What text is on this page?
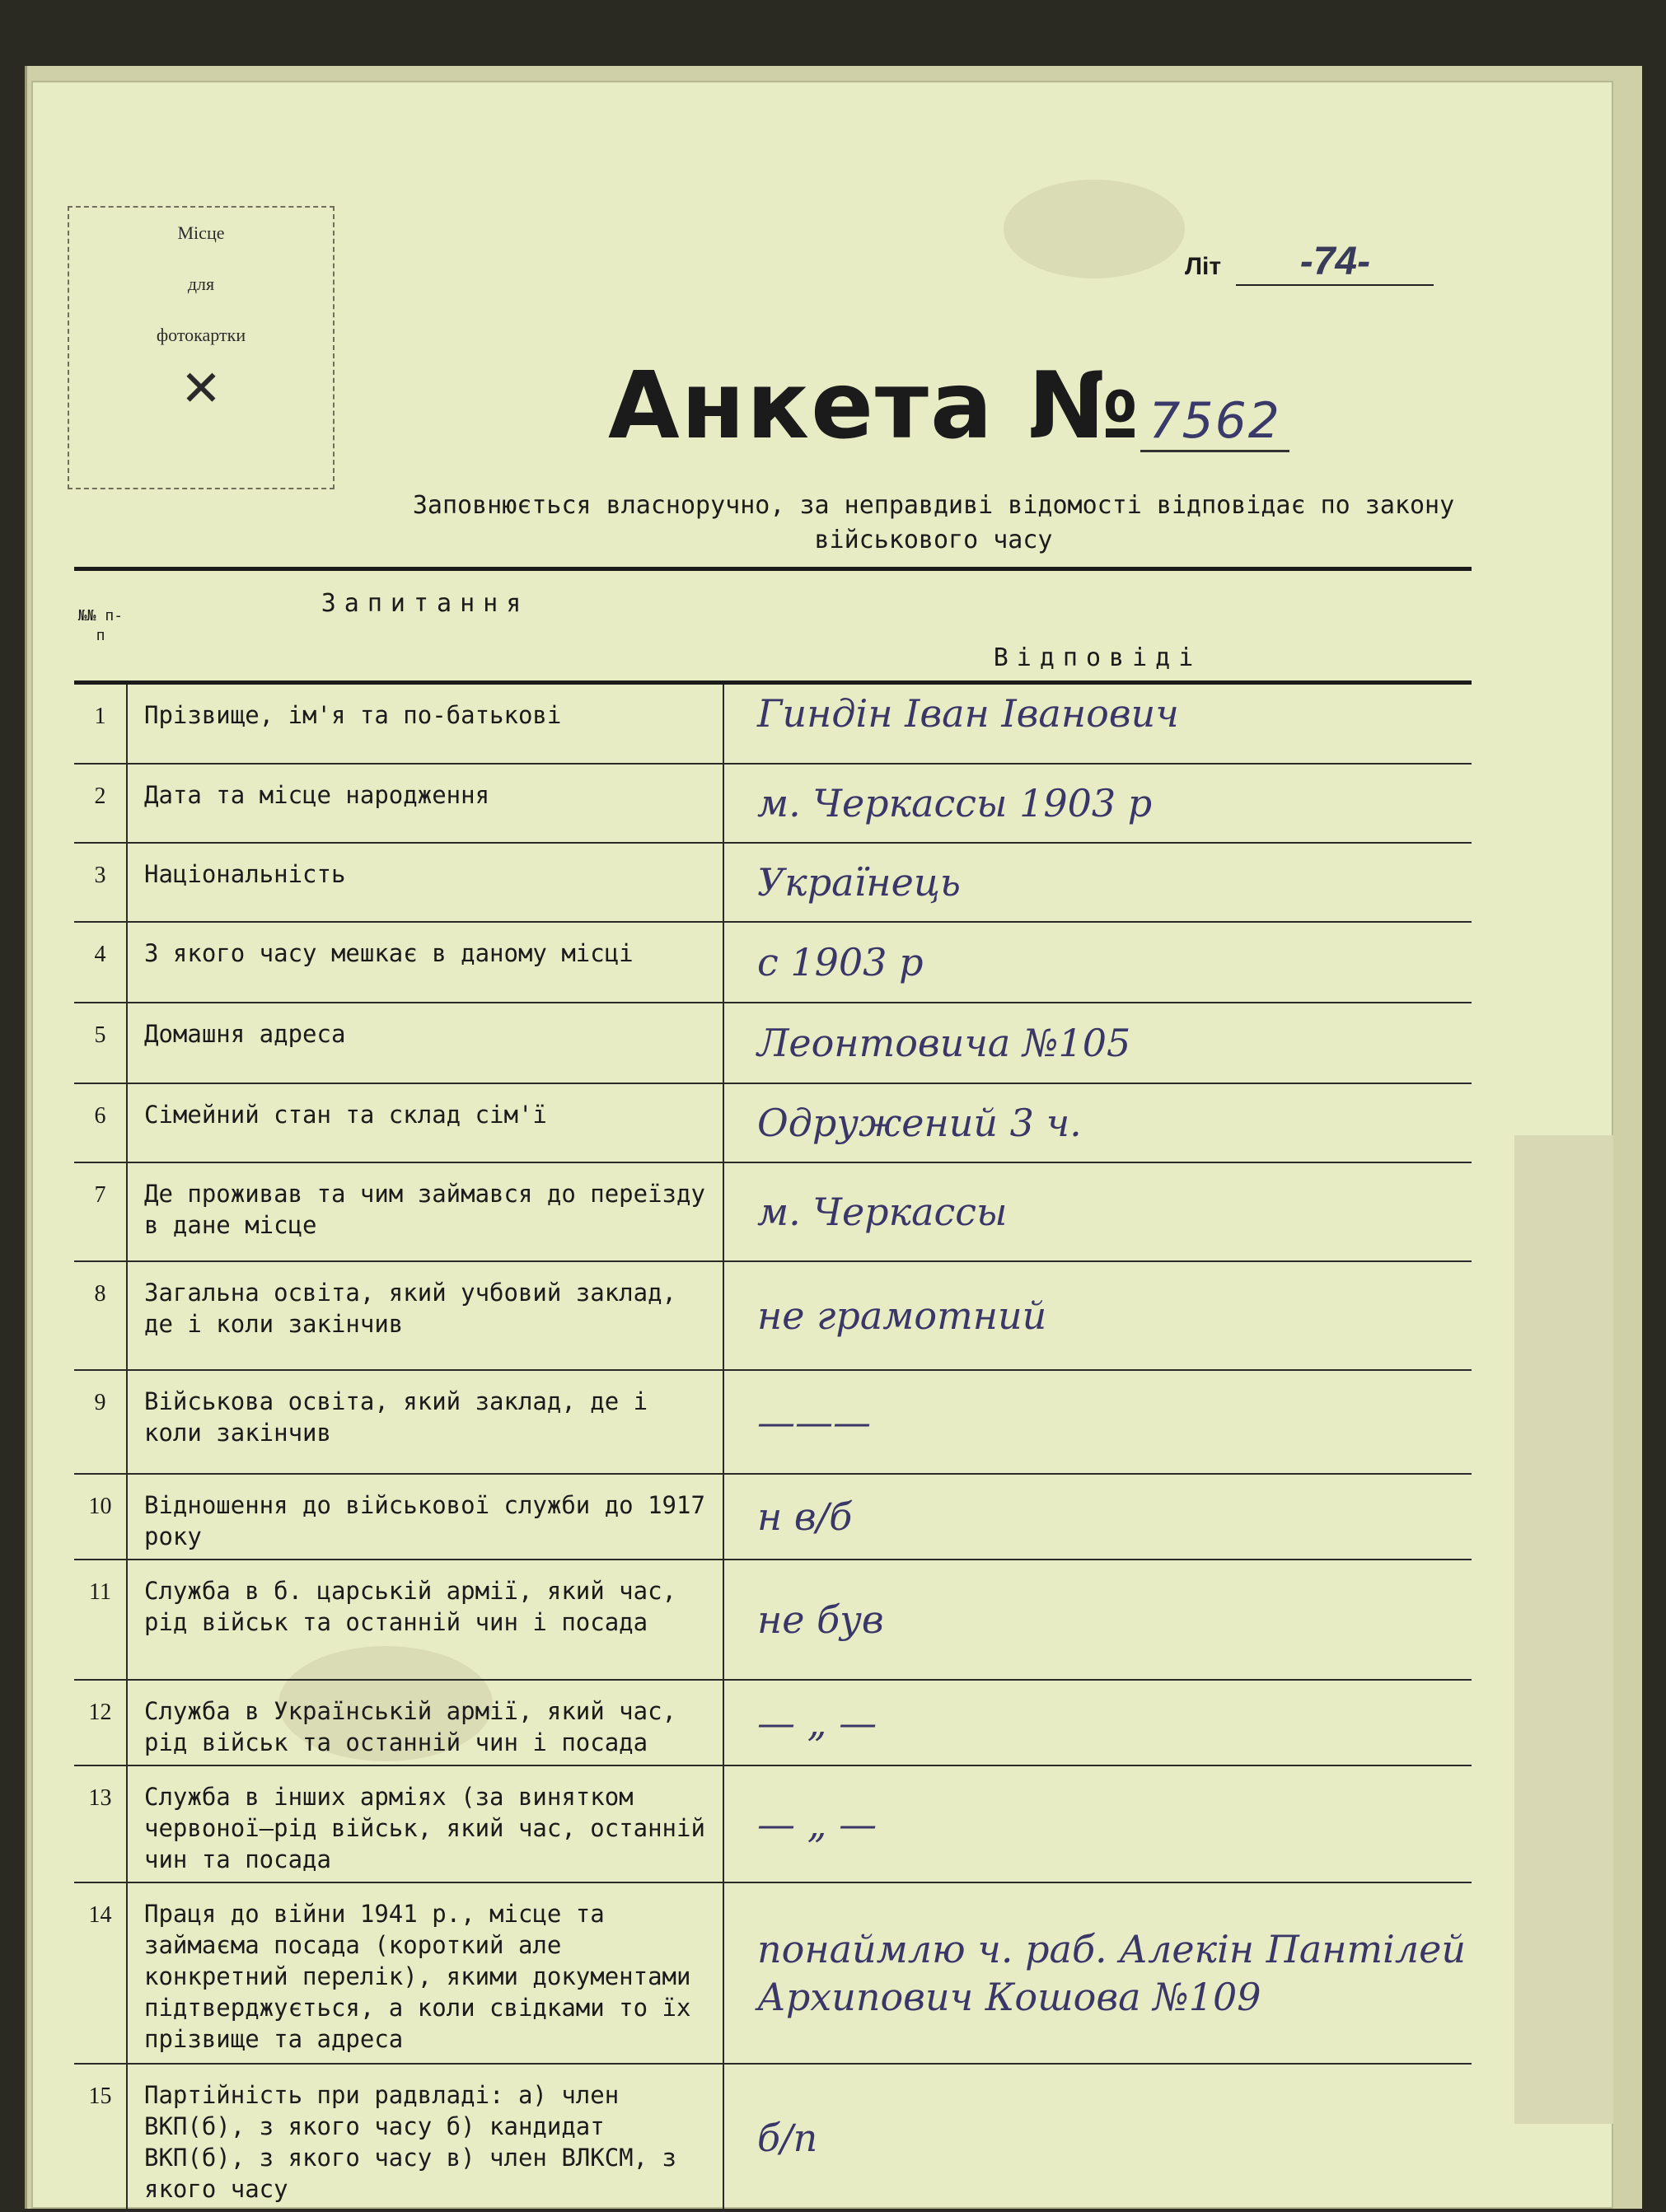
Місце
для
фотокартки
✕
Літ -74-
Анкета № 7562
Заповнюється власноручно, за неправдиві відомості відповідає по закону
військового часу
№№ п-п	Запитання	Відповіді
1	Прізвище, ім'я та по-батькові	Гиндін Іван Іванович
2	Дата та місце народження	м. Черкассы 1903 р
3	Національність	Українець
4	З якого часу мешкає в даному місці	с 1903 р
5	Домашня адреса	Леонтовича №105
6	Сімейний стан та склад сім'ї	Одружений 3 ч.
7	Де проживав та чим займався до переїзду в дане місце	м. Черкассы
8	Загальна освіта, який учбовий заклад, де і коли закінчив	не грамотний
9	Військова освіта, який заклад, де і коли закінчив	———
10	Відношення до військової служби до 1917 року	н в/б
11	Служба в б. царській армії, який час, рід військ та останній чин і посада	не був
12	Служба в Українській армії, який час, рід військ та останній чин і посада	— „ —
13	Служба в інших арміях (за винятком червоної—рід військ, який час, останній чин та посада	— „ —
14	Праця до війни 1941 р., місце та займаєма посада (короткий але конкретний перелік), якими документами підтверджується, а коли свідками то їх прізвище та адреса	понаймлю ч. раб. Алекін Пантілей Архипович Кошова №109
15	Партійність при радвладі: а) член ВКП(б), з якого часу б) кандидат ВКП(б), з якого часу в) член ВЛКСМ, з якого часу	б/п
